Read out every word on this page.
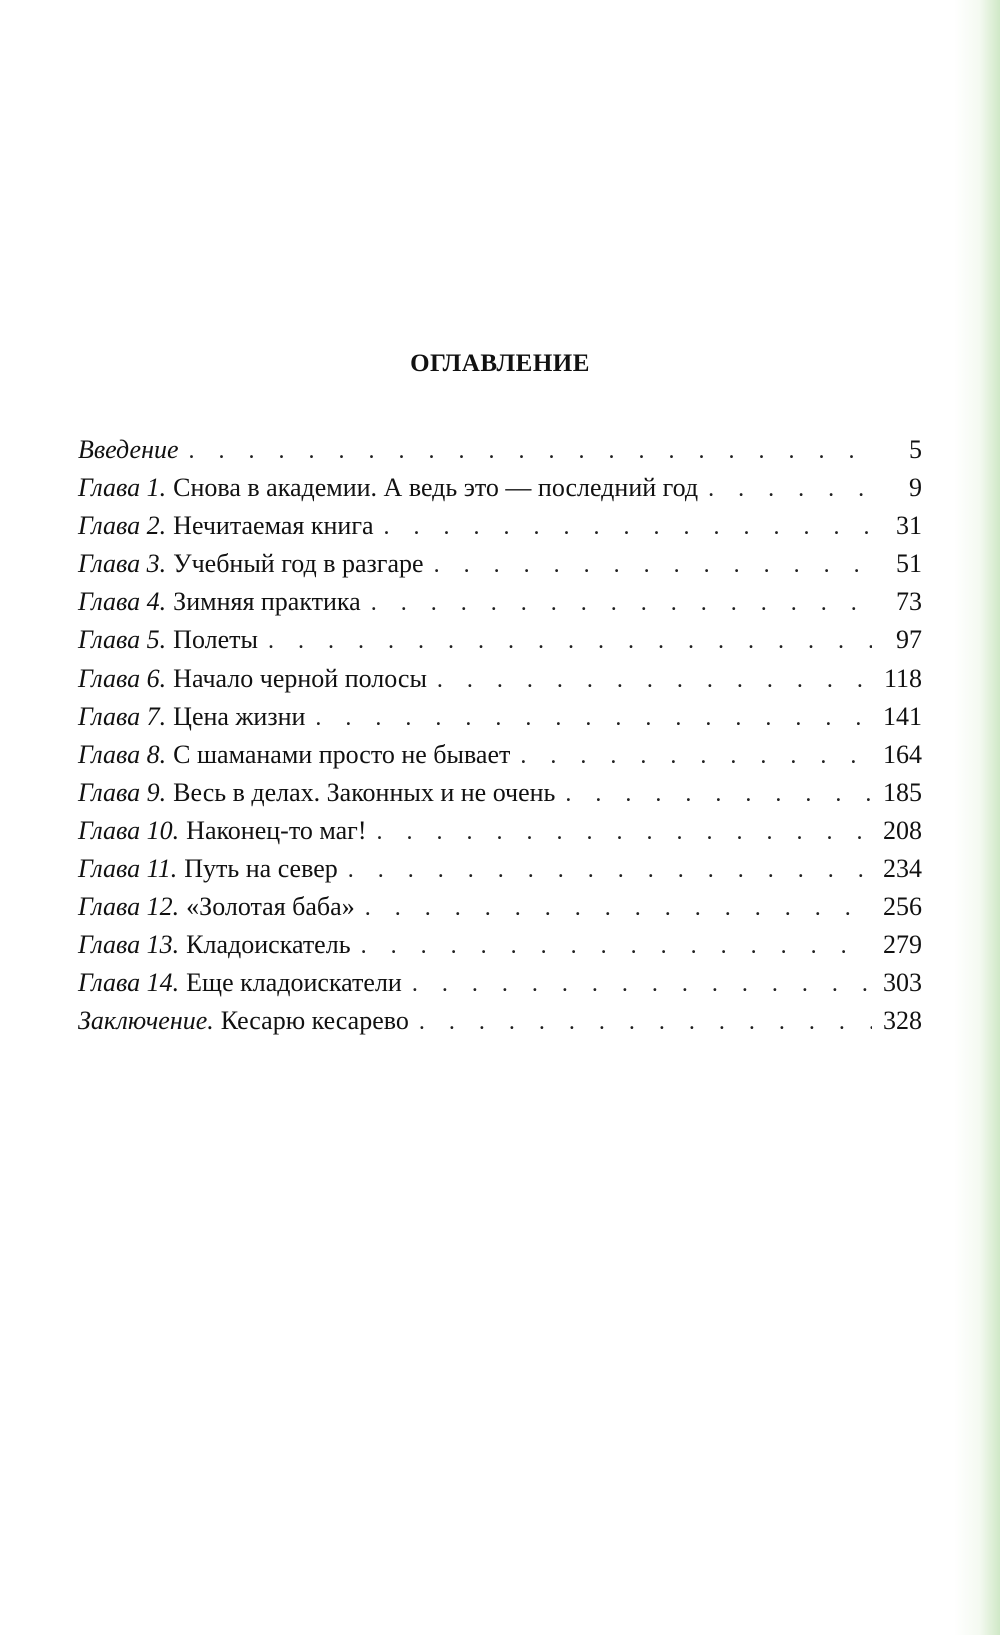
ОГЛАВЛЕНИЕ
Введение . . .	5
Глава 1. Снова в академии. А ведь это — последний год . . .	9
Глава 2. Нечитаемая книга . . .	31
Глава 3. Учебный год в разгаре . . .	51
Глава 4. Зимняя практика . . .	73
Глава 5. Полеты . . .	97
Глава 6. Начало черной полосы . . .	118
Глава 7. Цена жизни . . .	141
Глава 8. С шаманами просто не бывает . . .	164
Глава 9. Весь в делах. Законных и не очень . . .	185
Глава 10. Наконец-то маг! . . .	208
Глава 11. Путь на север . . .	234
Глава 12. «Золотая баба» . . .	256
Глава 13. Кладоискатель . . .	279
Глава 14. Еще кладоискатели . . .	303
Заключение. Кесарю кесарево . . .	328
